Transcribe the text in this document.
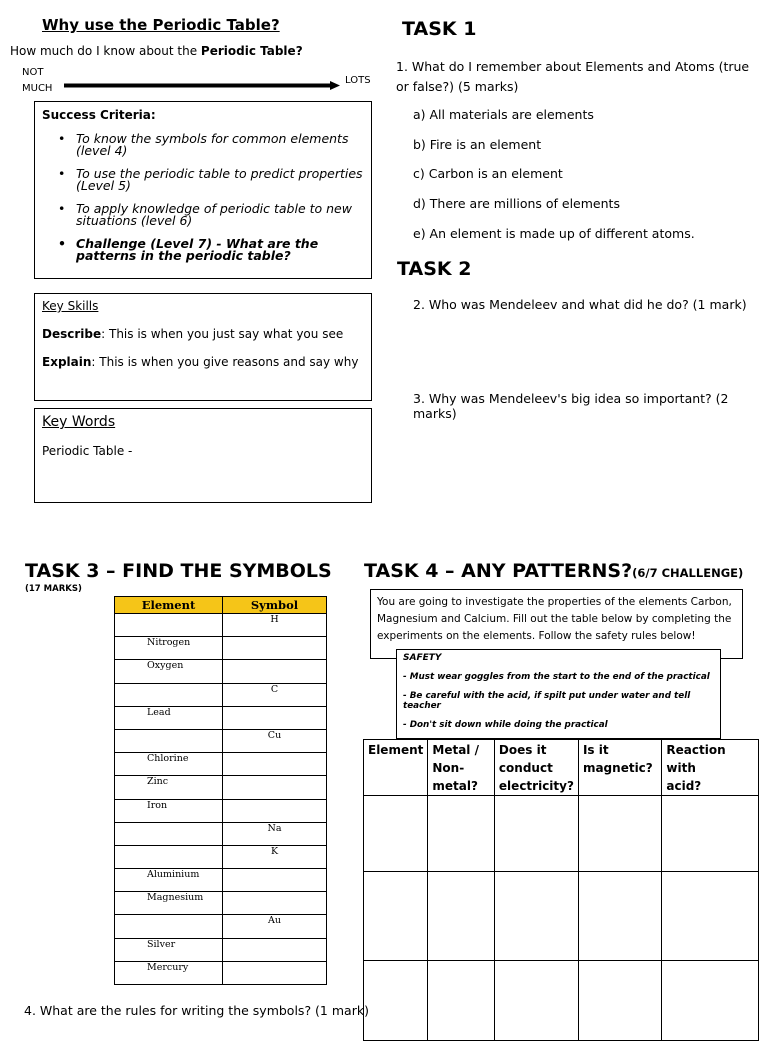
Why use the Periodic Table?
How much do I know about the Periodic Table?
NOT
MUCH
LOTS
Success Criteria:
• To know the symbols for common elements (level 4)
• To use the periodic table to predict properties (Level 5)
• To apply knowledge of periodic table to new situations (level 6)
• Challenge (Level 7) - What are the patterns in the periodic table?
Key Skills
Describe: This is when you just say what you see
Explain: This is when you give reasons and say why
Key Words
Periodic Table -
TASK 1
1. What do I remember about Elements and Atoms (true or false?) (5 marks)
a) All materials are elements
b) Fire is an element
c) Carbon is an element
d) There are millions of elements
e) An element is made up of different atoms.
TASK 2
2. Who was Mendeleev and what did he do? (1 mark)
3. Why was Mendeleev's big idea so important? (2 marks)
TASK 3 – FIND THE SYMBOLS
(17 MARKS)
Element	Symbol
	H
Nitrogen	
Oxygen	
	C
Lead	
	Cu
Chlorine	
Zinc	
Iron	
	Na
	K
Aluminium	
Magnesium	
	Au
Silver	
Mercury	
4. What are the rules for writing the symbols? (1 mark)
TASK 4 – ANY PATTERNS?(6/7 CHALLENGE)
You are going to investigate the properties of the elements Carbon, Magnesium and Calcium. Fill out the table below by completing the experiments on the elements. Follow the safety rules below!
SAFETY
- Must wear goggles from the start to the end of the practical
- Be careful with the acid, if spilt put under water and tell teacher
- Don't sit down while doing the practical
Element	Metal /
Non-
metal?	Does it
conduct
electricity?	Is it
magnetic?	Reaction
with
acid?
